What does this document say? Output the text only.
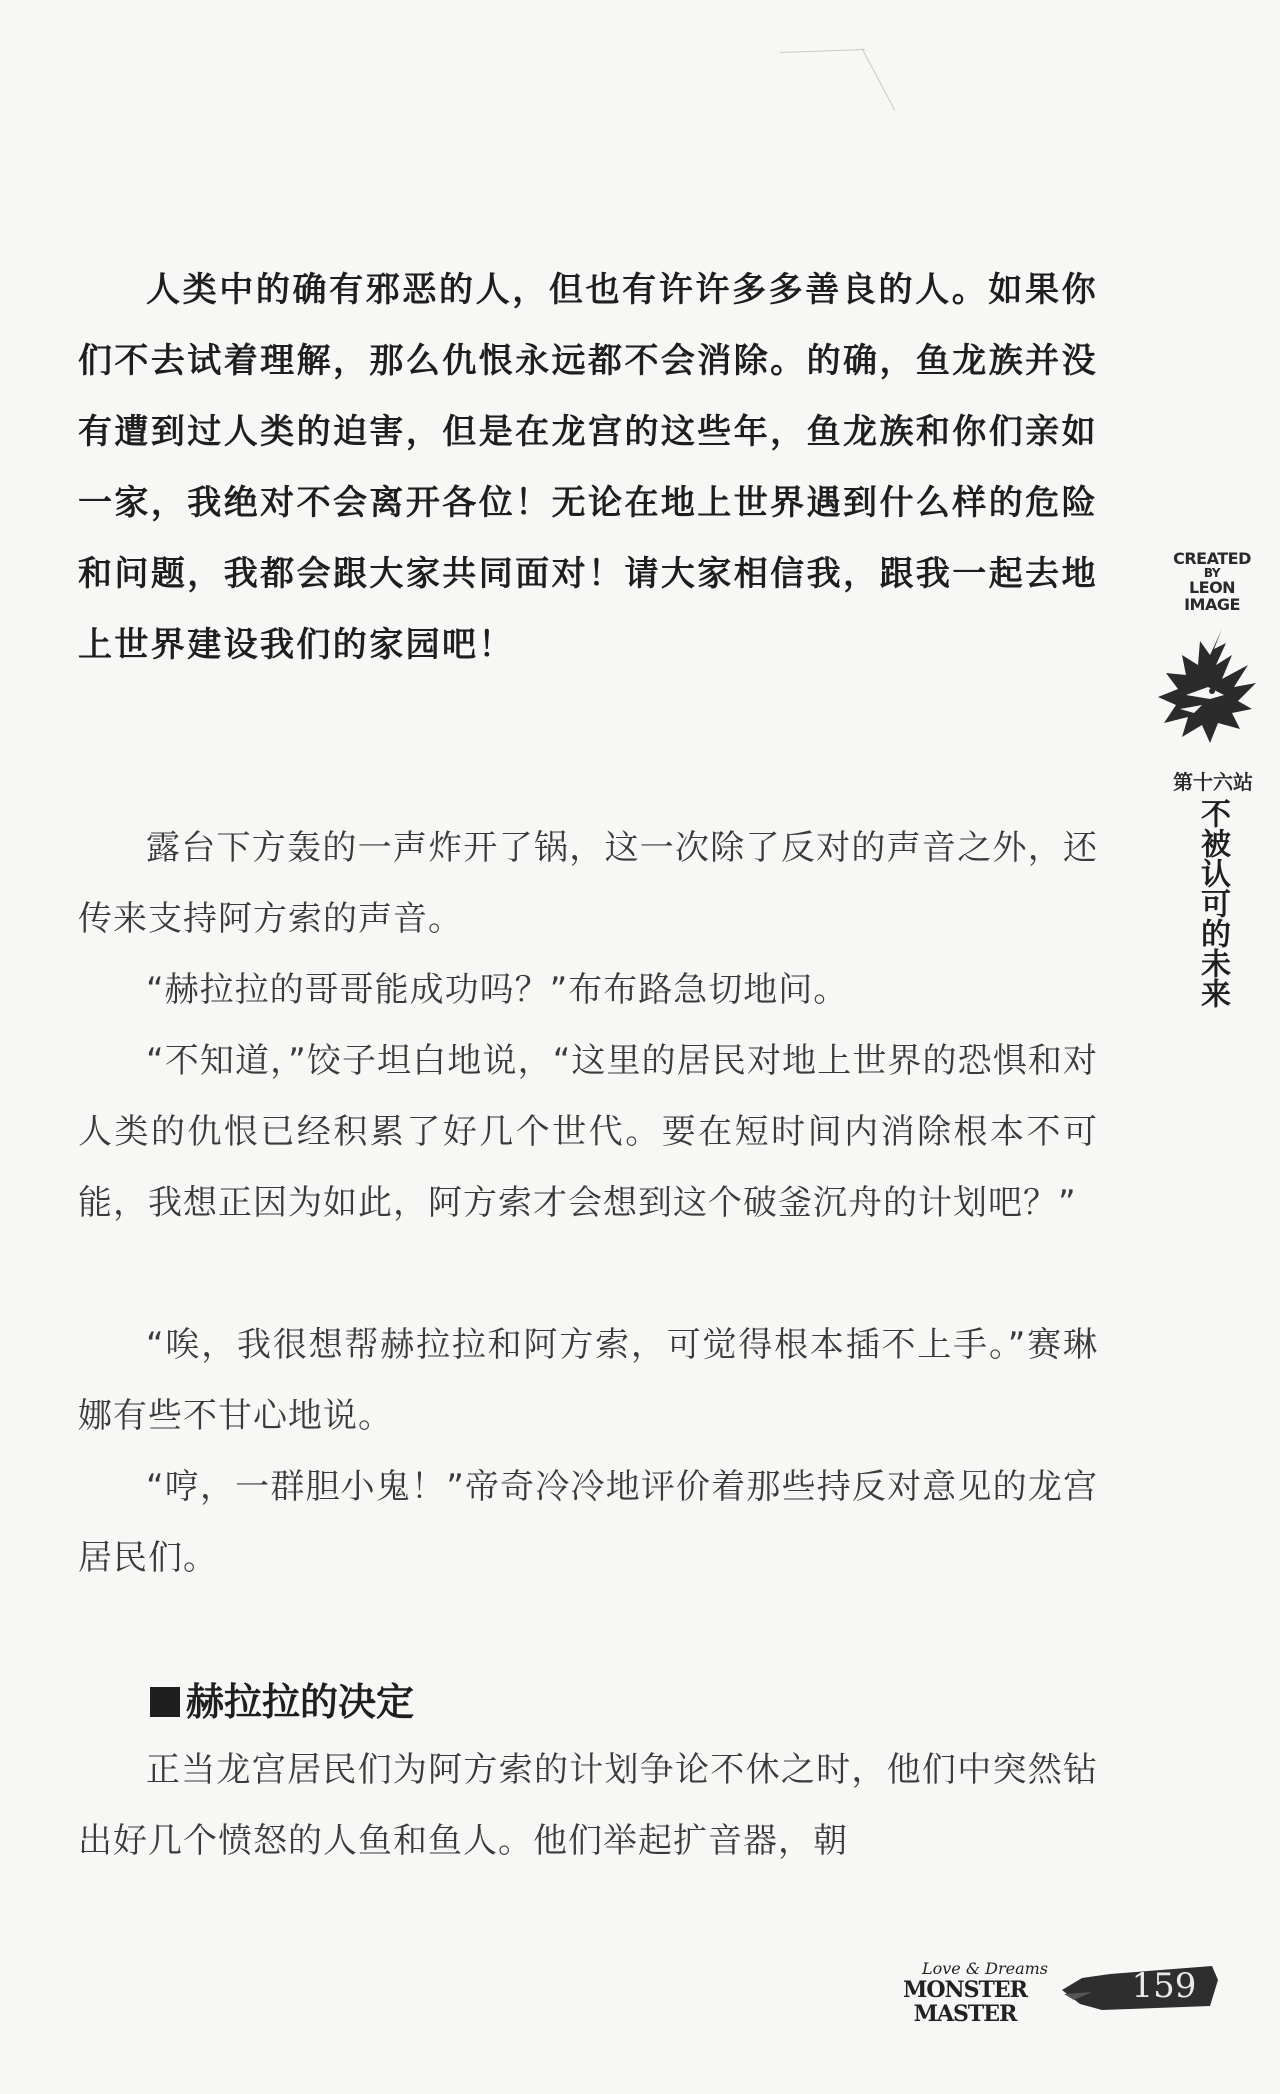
人类中的确有邪恶的人，但也有许许多多善良的人。如果你们不去试着理解，那么仇恨永远都不会消除。的确，鱼龙族并没有遭到过人类的迫害，但是在龙宫的这些年，鱼龙族和你们亲如一家，我绝对不会离开各位！无论在地上世界遇到什么样的危险和问题，我都会跟大家共同面对！请大家相信我，跟我一起去地上世界建设我们的家园吧！

露台下方轰的一声炸开了锅，这一次除了反对的声音之外，还传来支持阿方索的声音。

“赫拉拉的哥哥能成功吗？”布布路急切地问。

“不知道，”饺子坦白地说，“这里的居民对地上世界的恐惧和对人类的仇恨已经积累了好几个世代。要在短时间内消除根本不可能，我想正因为如此，阿方索才会想到这个破釜沉舟的计划吧？”

“唉，我很想帮赫拉拉和阿方索，可觉得根本插不上手。”赛琳娜有些不甘心地说。

“哼，一群胆小鬼！”帝奇冷冷地评价着那些持反对意见的龙宫居民们。

赫拉拉的决定

正当龙宫居民们为阿方索的计划争论不休之时，他们中突然钻出好几个愤怒的人鱼和鱼人。他们举起扩音器，朝

CREATED
BY
LEON
IMAGE

第十六站

不被认可的未来

Love & Dreams
MONSTER MASTER

159
